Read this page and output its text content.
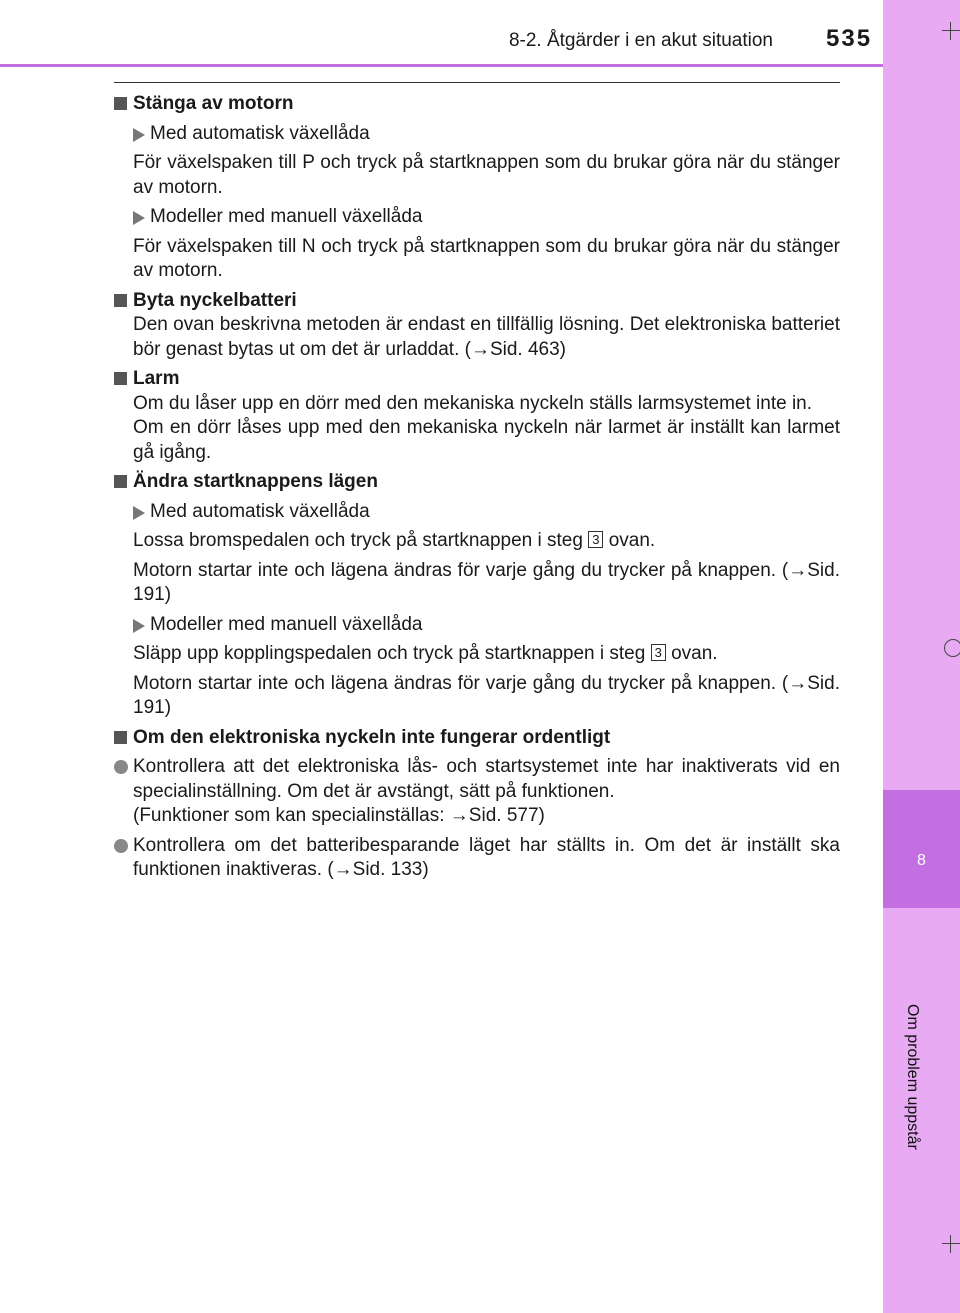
8
Om problem uppstår
8-2. Åtgärder i en akut situation 535
Stänga av motorn
Med automatisk växellåda
För växelspaken till P och tryck på startknappen som du brukar göra när du stänger av motorn.
Modeller med manuell växellåda
För växelspaken till N och tryck på startknappen som du brukar göra när du stänger av motorn.
Byta nyckelbatteri
Den ovan beskrivna metoden är endast en tillfällig lösning. Det elektroniska batteriet bör genast bytas ut om det är urladdat. (→Sid. 463)
Larm
Om du låser upp en dörr med den mekaniska nyckeln ställs larmsystemet inte in.
Om en dörr låses upp med den mekaniska nyckeln när larmet är inställt kan larmet gå igång.
Ändra startknappens lägen
Med automatisk växellåda
Lossa bromspedalen och tryck på startknappen i steg 3 ovan.
Motorn startar inte och lägena ändras för varje gång du trycker på knappen. (→Sid. 191)
Modeller med manuell växellåda
Släpp upp kopplingspedalen och tryck på startknappen i steg 3 ovan.
Motorn startar inte och lägena ändras för varje gång du trycker på knappen. (→Sid. 191)
Om den elektroniska nyckeln inte fungerar ordentligt
Kontrollera att det elektroniska lås- och startsystemet inte har inaktiverats vid en specialinställning. Om det är avstängt, sätt på funktionen.
(Funktioner som kan specialinställas: →Sid. 577)
Kontrollera om det batteribesparande läget har ställts in. Om det är inställt ska funktionen inaktiveras. (→Sid. 133)
